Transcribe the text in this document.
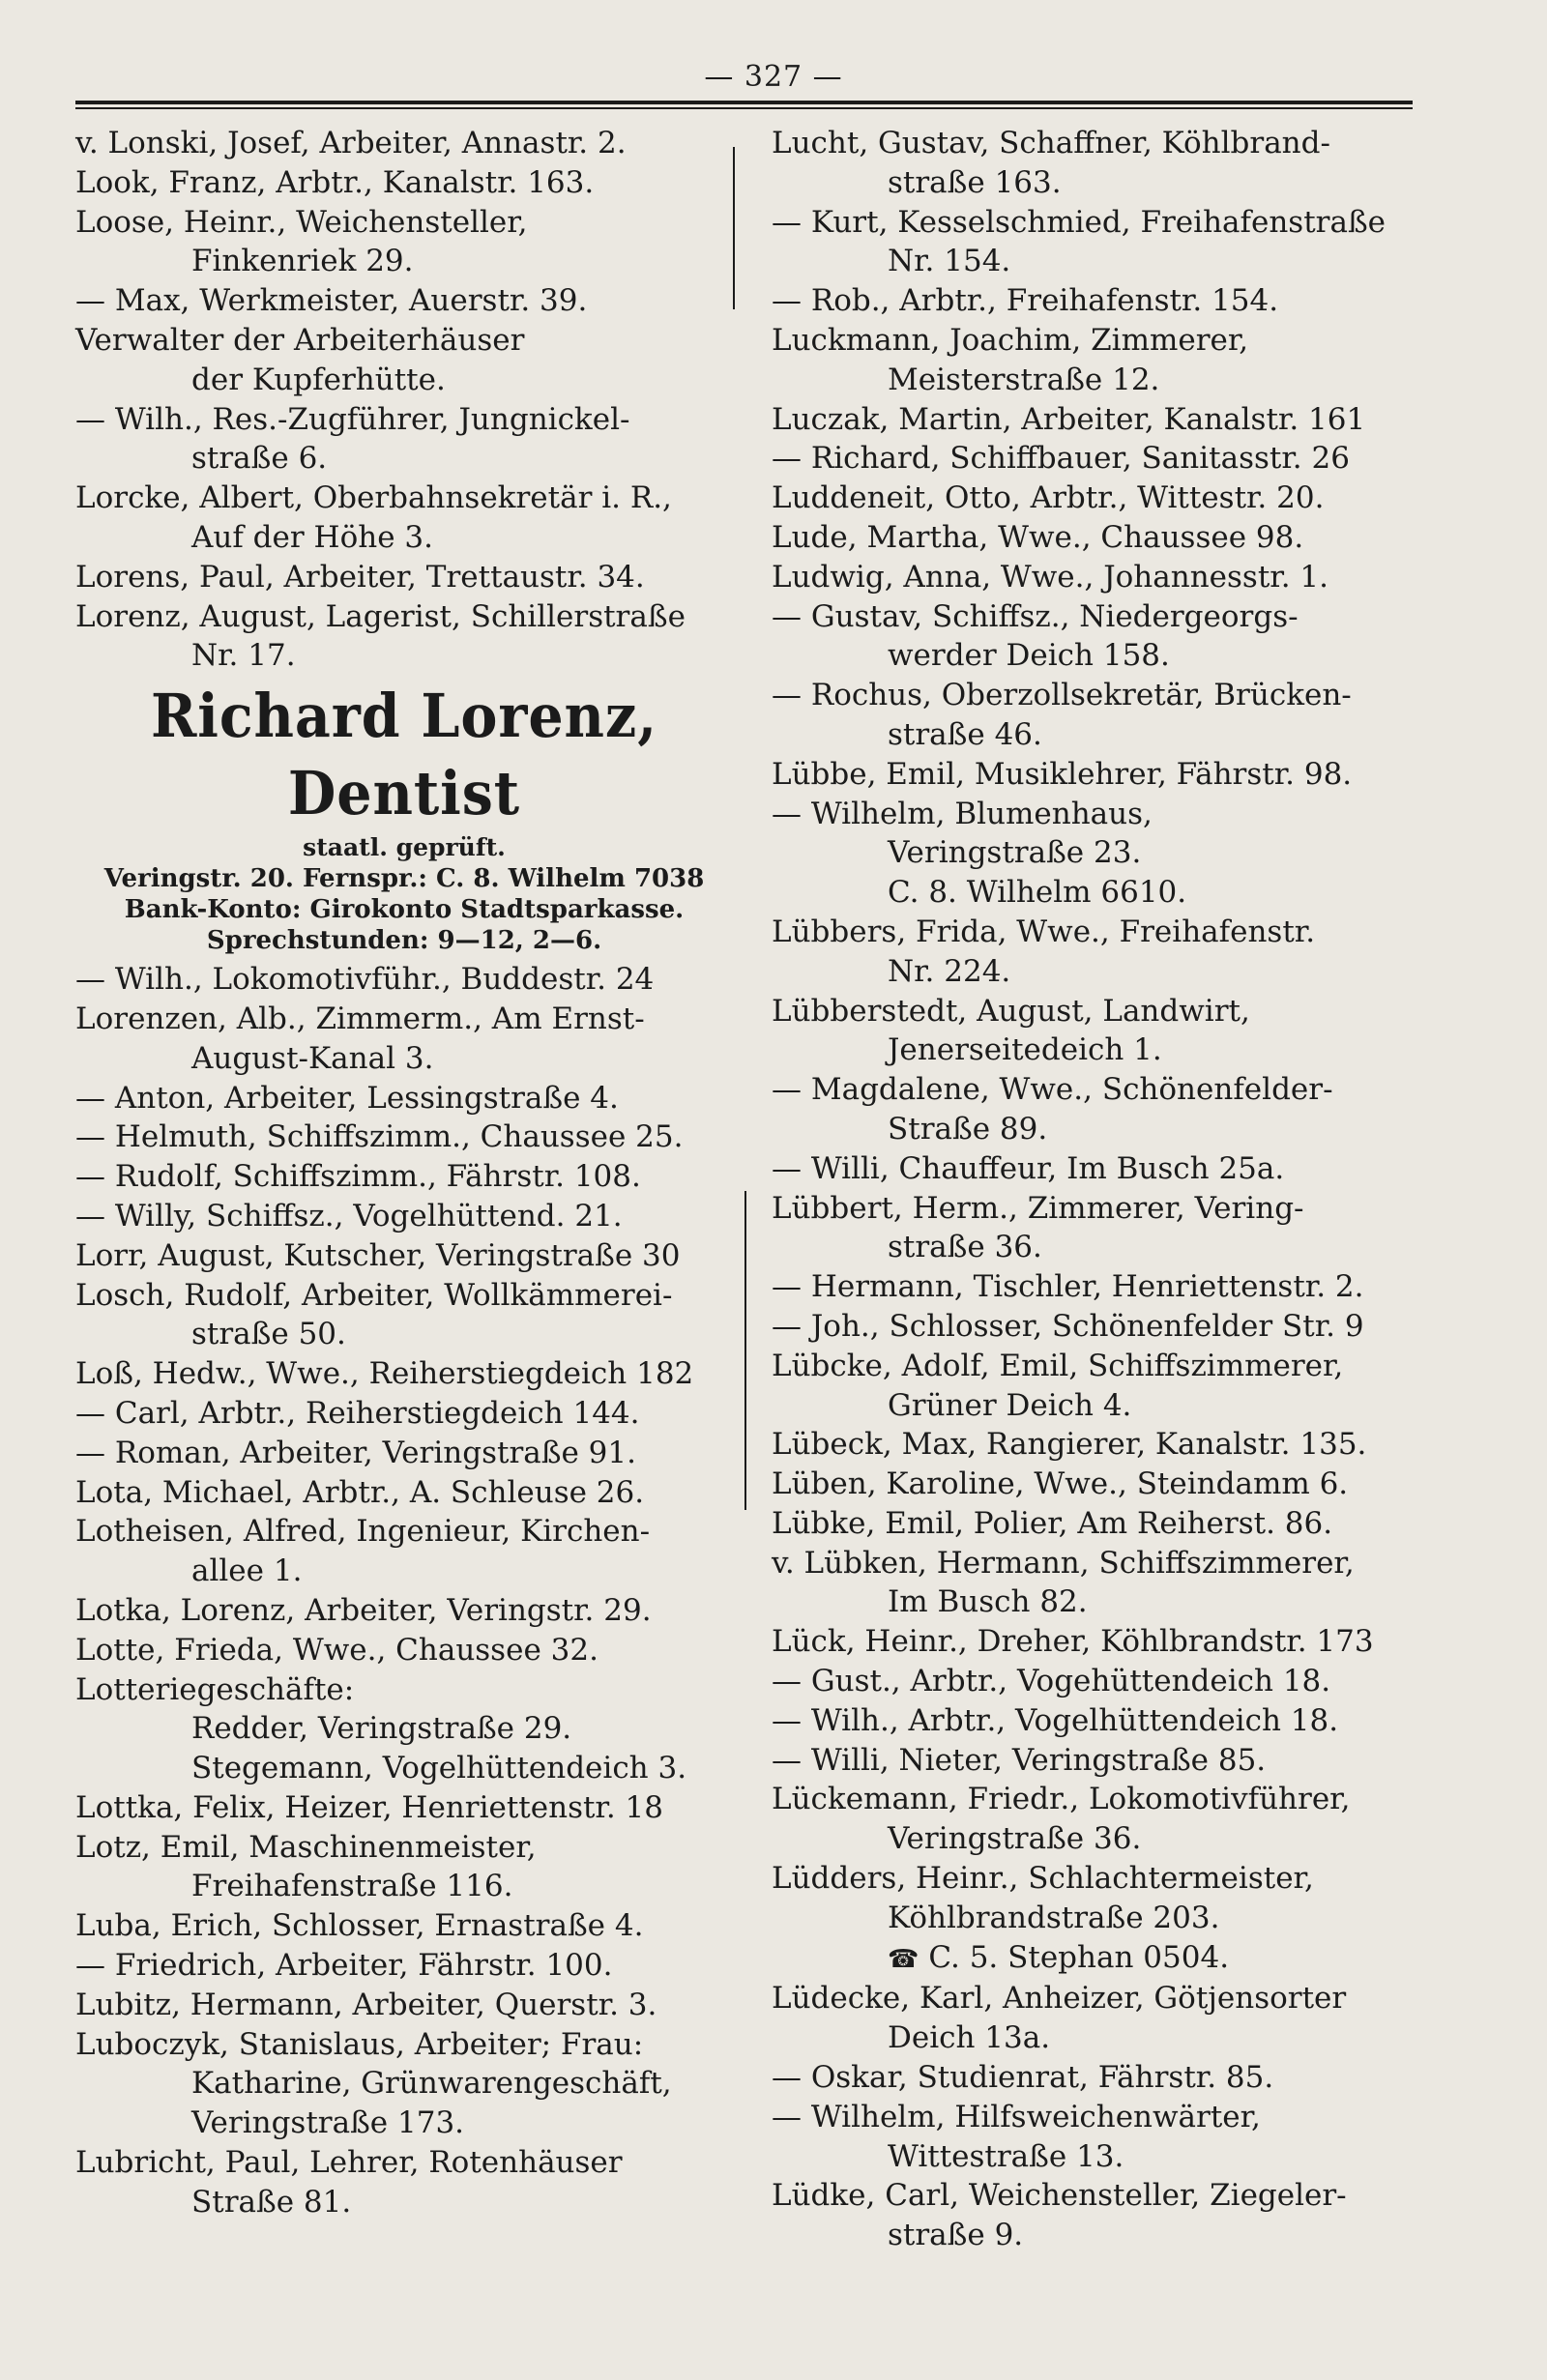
— 327 —
v. Lonski, Josef, Arbeiter, Annastr. 2.
Look, Franz, Arbtr., Kanalstr. 163.
Loose, Heinr., Weichensteller,
Finkenriek 29.
— Max, Werkmeister, Auerstr. 39.
Verwalter der Arbeiterhäuser
der Kupferhütte.
— Wilh., Res.-Zugführer, Jungnickel-
straße 6.
Lorcke, Albert, Oberbahnsekretär i. R.,
Auf der Höhe 3.
Lorens, Paul, Arbeiter, Trettaustr. 34.
Lorenz, August, Lagerist, Schillerstraße
Nr. 17.
Richard Lorenz, Dentist
staatl. geprüft.
Veringstr. 20. Fernspr.: C. 8. Wilhelm 7038
Bank-Konto: Girokonto Stadtsparkasse.
Sprechstunden: 9—12, 2—6.
— Wilh., Lokomotivführ., Buddestr. 24
Lorenzen, Alb., Zimmerm., Am Ernst-
August-Kanal 3.
— Anton, Arbeiter, Lessingstraße 4.
— Helmuth, Schiffszimm., Chaussee 25.
— Rudolf, Schiffszimm., Fährstr. 108.
— Willy, Schiffsz., Vogelhüttend. 21.
Lorr, August, Kutscher, Veringstraße 30
Losch, Rudolf, Arbeiter, Wollkämmerei-
straße 50.
Loß, Hedw., Wwe., Reiherstiegdeich 182
— Carl, Arbtr., Reiherstiegdeich 144.
— Roman, Arbeiter, Veringstraße 91.
Lota, Michael, Arbtr., A. Schleuse 26.
Lotheisen, Alfred, Ingenieur, Kirchen-
allee 1.
Lotka, Lorenz, Arbeiter, Veringstr. 29.
Lotte, Frieda, Wwe., Chaussee 32.
Lotteriegeschäfte:
Redder, Veringstraße 29.
Stegemann, Vogelhüttendeich 3.
Lottka, Felix, Heizer, Henriettenstr. 18
Lotz, Emil, Maschinenmeister,
Freihafenstraße 116.
Luba, Erich, Schlosser, Ernastraße 4.
— Friedrich, Arbeiter, Fährstr. 100.
Lubitz, Hermann, Arbeiter, Querstr. 3.
Luboczyk, Stanislaus, Arbeiter; Frau:
Katharine, Grünwarengeschäft,
Veringstraße 173.
Lubricht, Paul, Lehrer, Rotenhäuser
Straße 81.
Lucht, Gustav, Schaffner, Köhlbrand-
straße 163.
— Kurt, Kesselschmied, Freihafenstraße
Nr. 154.
— Rob., Arbtr., Freihafenstr. 154.
Luckmann, Joachim, Zimmerer,
Meisterstraße 12.
Luczak, Martin, Arbeiter, Kanalstr. 161
— Richard, Schiffbauer, Sanitasstr. 26
Luddeneit, Otto, Arbtr., Wittestr. 20.
Lude, Martha, Wwe., Chaussee 98.
Ludwig, Anna, Wwe., Johannesstr. 1.
— Gustav, Schiffsz., Niedergeorgs-
werder Deich 158.
— Rochus, Oberzollsekretär, Brücken-
straße 46.
Lübbe, Emil, Musiklehrer, Fährstr. 98.
— Wilhelm, Blumenhaus,
Veringstraße 23.
C. 8. Wilhelm 6610.
Lübbers, Frida, Wwe., Freihafenstr.
Nr. 224.
Lübberstedt, August, Landwirt,
Jenerseitedeich 1.
— Magdalene, Wwe., Schönenfelder-
Straße 89.
— Willi, Chauffeur, Im Busch 25a.
Lübbert, Herm., Zimmerer, Vering-
straße 36.
— Hermann, Tischler, Henriettenstr. 2.
— Joh., Schlosser, Schönenfelder Str. 9
Lübcke, Adolf, Emil, Schiffszimmerer,
Grüner Deich 4.
Lübeck, Max, Rangierer, Kanalstr. 135.
Lüben, Karoline, Wwe., Steindamm 6.
Lübke, Emil, Polier, Am Reiherst. 86.
v. Lübken, Hermann, Schiffszimmerer,
Im Busch 82.
Lück, Heinr., Dreher, Köhlbrandstr. 173
— Gust., Arbtr., Vogehüttendeich 18.
— Wilh., Arbtr., Vogelhüttendeich 18.
— Willi, Nieter, Veringstraße 85.
Lückemann, Friedr., Lokomotivführer,
Veringstraße 36.
Lüdders, Heinr., Schlachtermeister,
Köhlbrandstraße 203.
☎ C. 5. Stephan 0504.
Lüdecke, Karl, Anheizer, Götjensorter
Deich 13a.
— Oskar, Studienrat, Fährstr. 85.
— Wilhelm, Hilfsweichenwärter,
Wittestraße 13.
Lüdke, Carl, Weichensteller, Ziegeler-
straße 9.
